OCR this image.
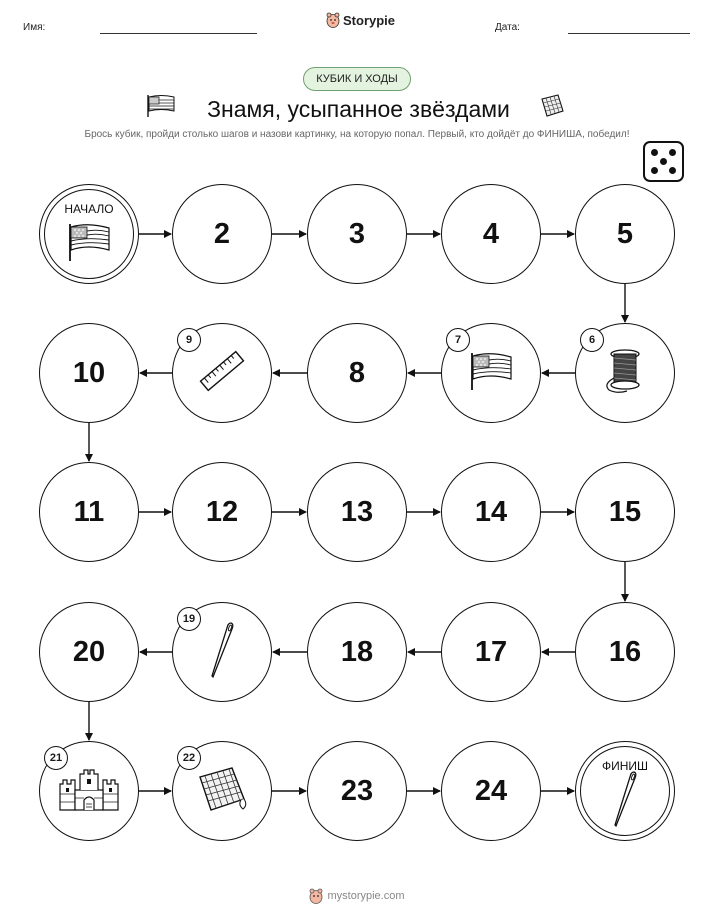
Имя:	Storypie	Дата:
КУБИК И ХОДЫ
Знамя, усыпанное звёздами
Брось кубик, пройди столько шагов и назови картинку, на которую попал. Первый, кто дойдёт до ФИНИША, победил!
НАЧАЛО
2	3	4	5
6
7
8
9
10
11	12	13	14	15
16
17
18
19
20
21	22
23	24
ФИНИШ
mystorypie.com
